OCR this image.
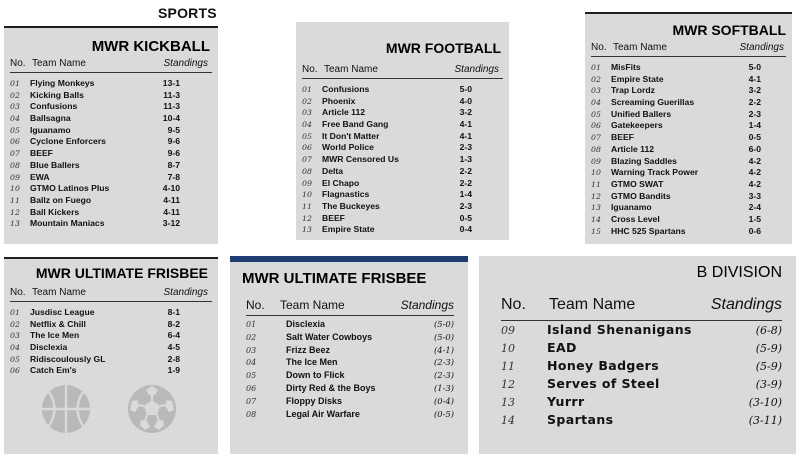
SPORTS
MWR KICKBALL
No. Team Name	Standings
01	Flying Monkeys	13-1
02	Kicking Balls	11-3
03	Confusions	11-3
04	Ballsagna	10-4
05	Iguanamo	9-5
06	Cyclone Enforcers	9-6
07	BEEF	9-6
08	Blue Ballers	8-7
09	EWA	7-8
10	GTMO Latinos Plus	4-10
11	Ballz on Fuego	4-11
12	Ball Kickers	4-11
13	Mountain Maniacs	3-12
MWR FOOTBALL
No. Team Name	Standings
01	Confusions	5-0
02	Phoenix	4-0
03	Article 112	3-2
04	Free Band Gang	4-1
05	It Don't Matter	4-1
06	World Police	2-3
07	MWR Censored Us	1-3
08	Delta	2-2
09	El Chapo	2-2
10	Flagnastics	1-4
11	The Buckeyes	2-3
12	BEEF	0-5
13	Empire State	0-4
MWR SOFTBALL
No. Team Name	Standings
01	MisFits	5-0
02	Empire State	4-1
03	Trap Lordz	3-2
04	Screaming Guerillas	2-2
05	Unified Ballers	2-3
06	Gatekeepers	1-4
07	BEEF	0-5
08	Article 112	6-0
09	Blazing Saddles	4-2
10	Warning Track Power	4-2
11	GTMO SWAT	4-2
12	GTMO Bandits	3-3
13	Iguanamo	2-4
14	Cross Level	1-5
15	HHC 525 Spartans	0-6
MWR ULTIMATE FRISBEE
No. Team Name	Standings
01	Jusdisc League	8-1
02	Netflix & Chill	8-2
03	The Ice Men	6-4
04	Disclexia	4-5
05	Ridiscoulously GL	2-8
06	Catch Em's	1-9
MWR ULTIMATE FRISBEE
No.	Team Name	Standings
01	Disclexia	(5-0)
02	Salt Water Cowboys	(5-0)
03	Frizz Beez	(4-1)
04	The Ice Men	(2-3)
05	Down to Flick	(2-3)
06	Dirty Red & the Boys	(1-3)
07	Floppy Disks	(0-4)
08	Legal Air Warfare	(0-5)
B DIVISION
No.	Team Name	Standings
09	Island Shenanigans	(6-8)
10	EAD	(5-9)
11	Honey Badgers	(5-9)
12	Serves of Steel	(3-9)
13	Yurrr	(3-10)
14	Spartans	(3-11)
